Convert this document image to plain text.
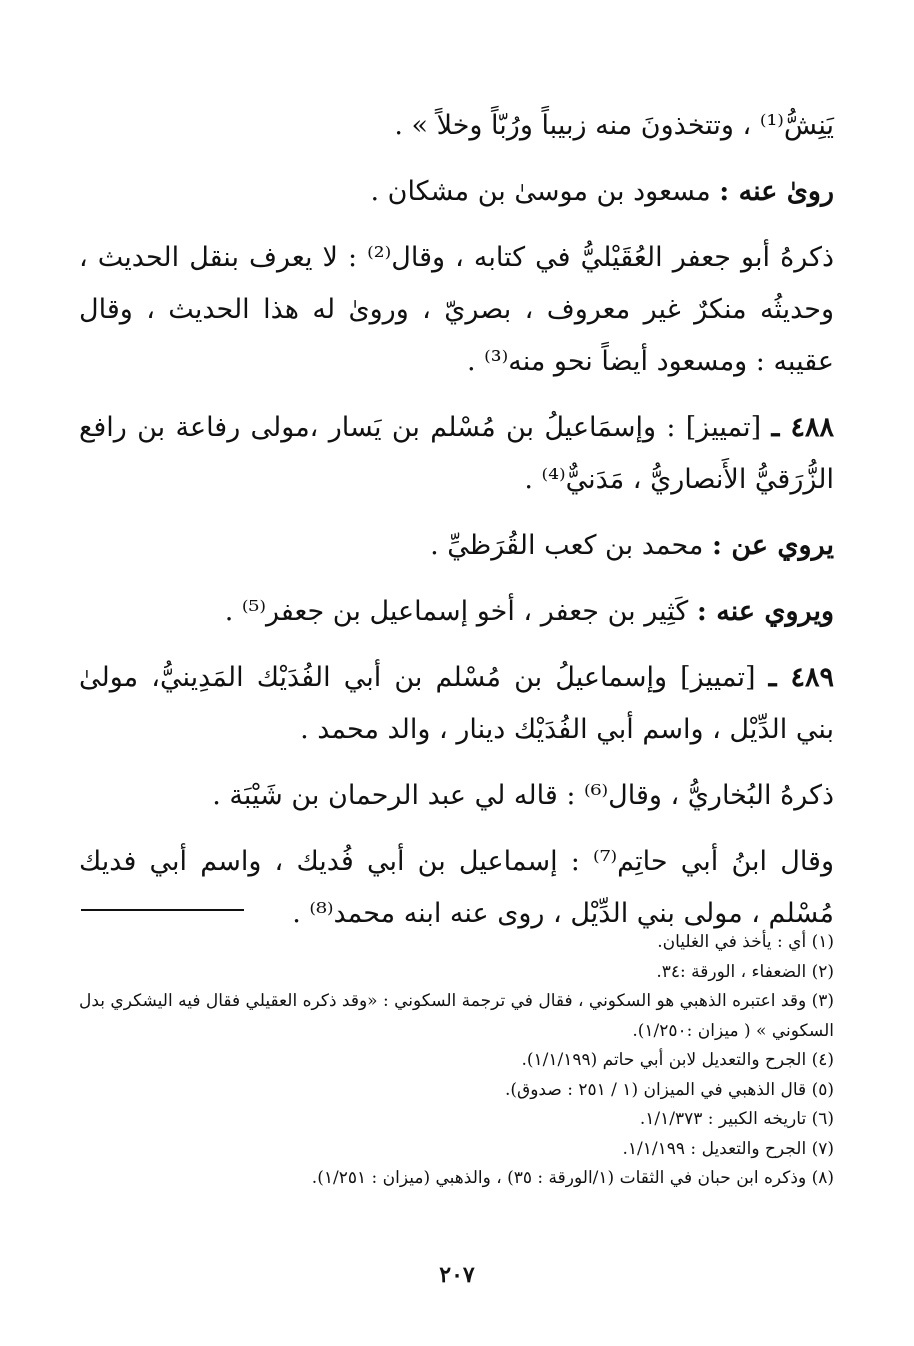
يَنِشُّ⁽¹⁾ ، وتتخذونَ منه زبيباً ورُبّاً وخلاً » .

روىٰ عنه : مسعود بن موسىٰ بن مشكان .

ذكرهُ أبو جعفر العُقَيْليُّ في كتابه ، وقال⁽²⁾ : لا يعرف بنقل الحديث ، وحديثُه منكرٌ غير معروف ، بصريّ ، وروىٰ له هذا الحديث ، وقال عقيبه : ومسعود أيضاً نحو منه⁽³⁾ .

٤٨٨ ـ [تمييز] : وإسمَاعيلُ بن مُسْلم بن يَسار ،مولى رفاعة بن رافع الزُّرَقيُّ الأَنصاريُّ ، مَدَنيٌّ⁽⁴⁾ .

يروي عن : محمد بن كعب القُرَظيِّ .

ويروي عنه : كَثِير بن جعفر ، أخو إسماعيل بن جعفر⁽⁵⁾ .

٤٨٩ ـ [تمييز] وإسماعيلُ بن مُسْلم بن أبي الفُدَيْك المَدِينيُّ، مولىٰ بني الدِّيْل ، واسم أبي الفُدَيْك دينار ، والد محمد .

ذكرهُ البُخاريُّ ، وقال⁽⁶⁾ : قاله لي عبد الرحمان بن شَيْبَة .

وقال ابنُ أبي حاتِم⁽⁷⁾ : إسماعيل بن أبي فُديك ، واسم أبي فديك مُسْلم ، مولى بني الدِّيْل ، روى عنه ابنه محمد⁽⁸⁾ .

(١) أي : يأخذ في الغليان.

(٢) الضعفاء ، الورقة :٣٤.

(٣) وقد اعتبره الذهبي هو السكوني ، فقال في ترجمة السكوني : «وقد ذكره العقيلي فقال فيه اليشكري بدل السكوني » ( ميزان :١/٢٥٠).

(٤) الجرح والتعديل لابن أبي حاتم (١/١/١٩٩).

(٥) قال الذهبي في الميزان (١ / ٢٥١ : صدوق).

(٦) تاريخه الكبير : ١/١/٣٧٣.

(٧) الجرح والتعديل : ١/١/١٩٩.

(٨) وذكره ابن حبان في الثقات (١/الورقة : ٣٥) ، والذهبي (ميزان : ١/٢٥١).

٢٠٧
